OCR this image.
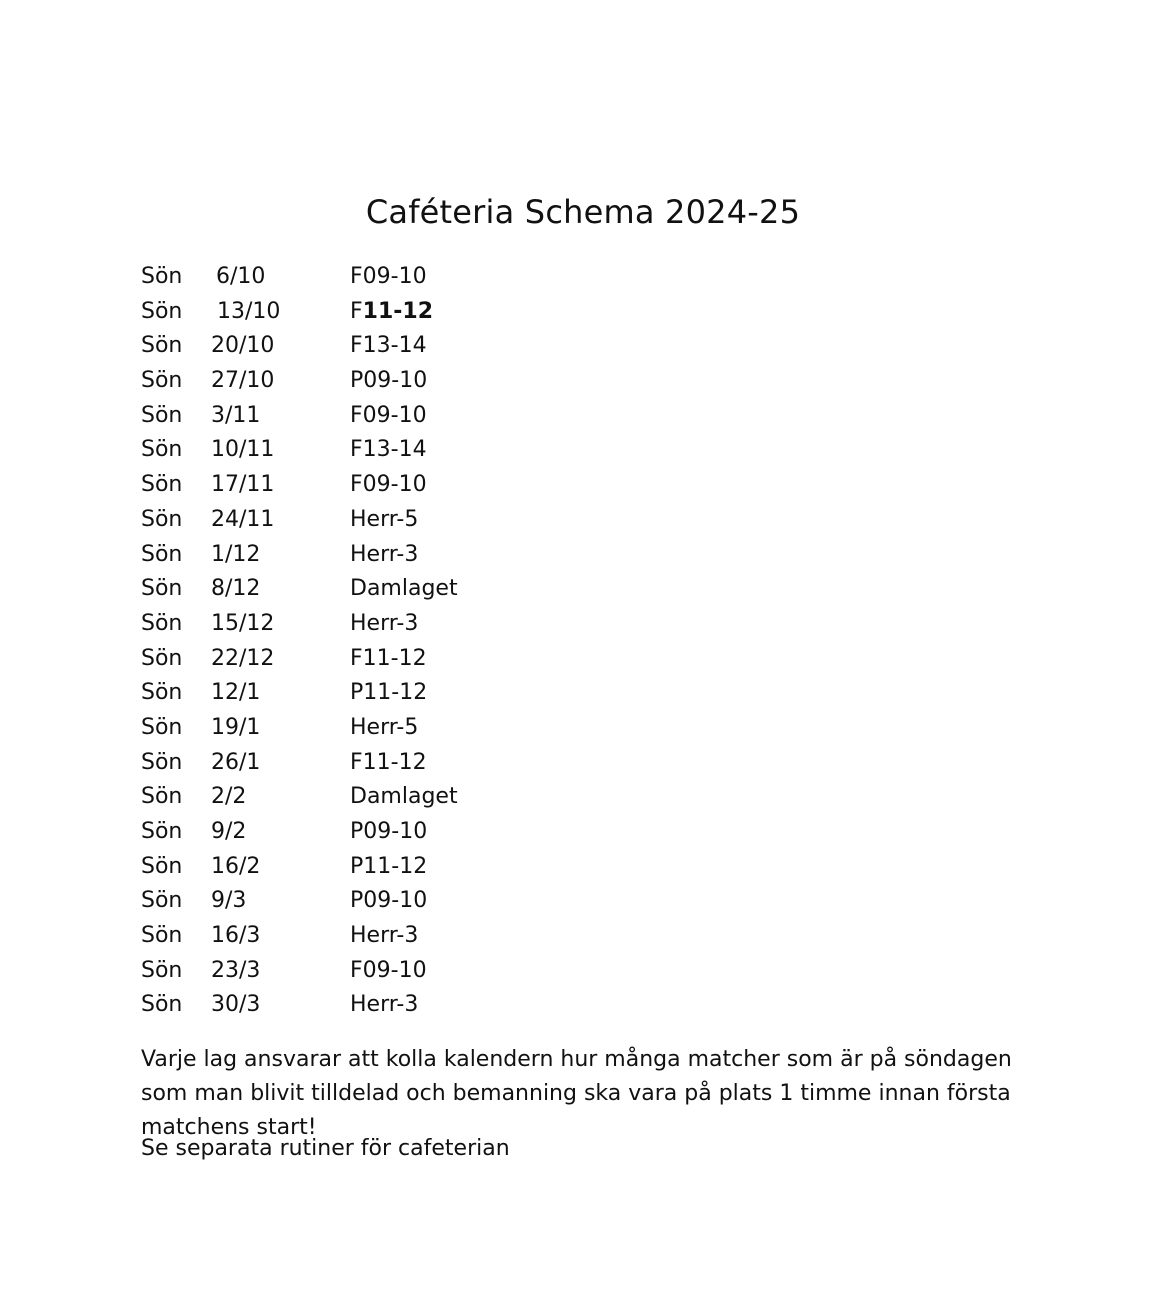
Caféteria Schema 2024-25
Sön 6/10	F09-10
Sön 13/10	F11-12
Sön 20/10	F13-14
Sön 27/10	P09-10
Sön 3/11	F09-10
Sön 10/11	F13-14
Sön 17/11	F09-10
Sön 24/11	Herr-5
Sön 1/12	Herr-3
Sön 8/12	Damlaget
Sön 15/12	Herr-3
Sön 22/12	F11-12
Sön 12/1	P11-12
Sön 19/1	Herr-5
Sön 26/1	F11-12
Sön 2/2	Damlaget
Sön 9/2	P09-10
Sön 16/2	P11-12
Sön 9/3	P09-10
Sön 16/3	Herr-3
Sön 23/3	F09-10
Sön 30/3	Herr-3
Varje lag ansvarar att kolla kalendern hur många matcher som är på söndagen som man blivit tilldelad och bemanning ska vara på plats 1 timme innan första matchens start!
Se separata rutiner för cafeterian
